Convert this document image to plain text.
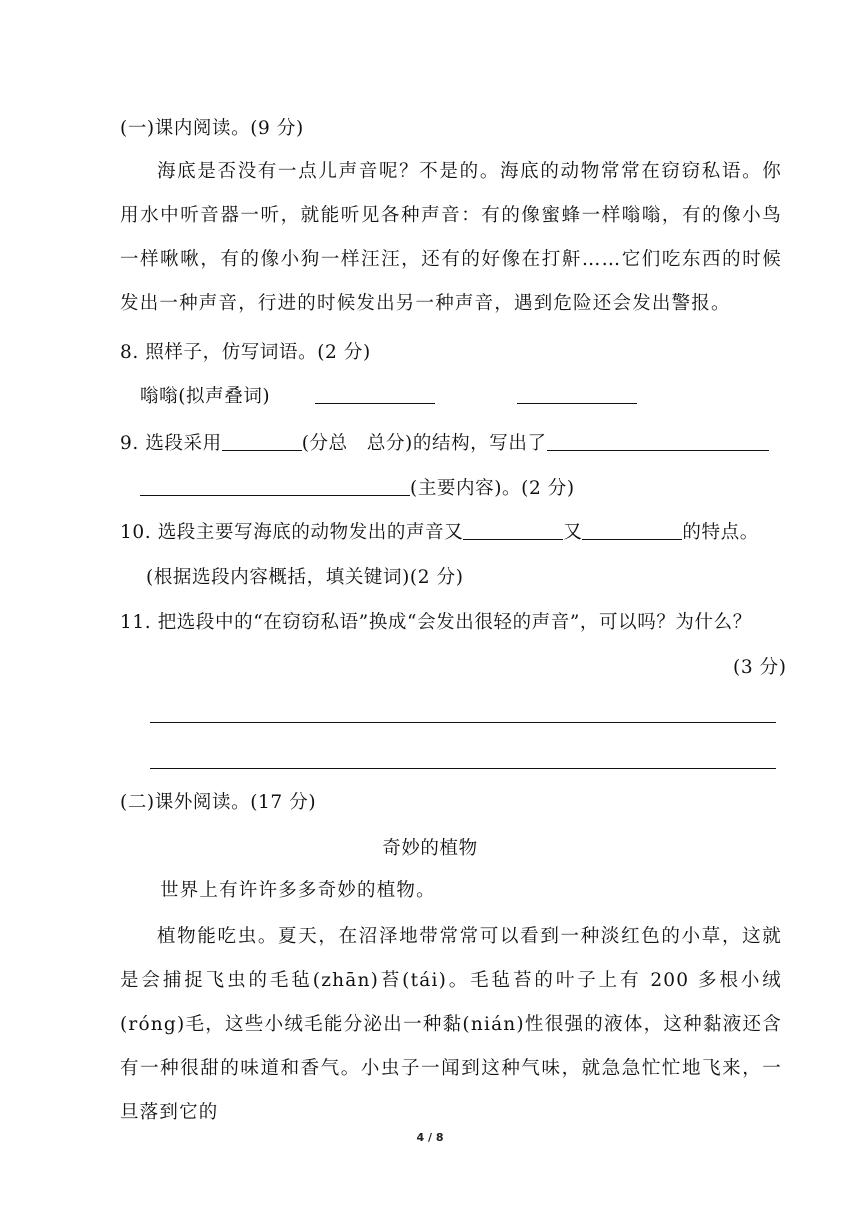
(一)课内阅读。(9 分)
海底是否没有一点儿声音呢？不是的。海底的动物常常在窃窃私语。你用水中听音器一听，就能听见各种声音：有的像蜜蜂一样嗡嗡，有的像小鸟一样啾啾，有的像小狗一样汪汪，还有的好像在打鼾……它们吃东西的时候发出一种声音，行进的时候发出另一种声音，遇到危险还会发出警报。
8. 照样子，仿写词语。(2 分)
嗡嗡(拟声叠词)
9. 选段采用	(分总　总分)的结构，写出了
(主要内容)。(2 分)
10. 选段主要写海底的动物发出的声音又	又	的特点。
(根据选段内容概括，填关键词)(2 分)
11. 把选段中的“在窃窃私语”换成“会发出很轻的声音”，可以吗？为什么？
(3 分)
(二)课外阅读。(17 分)
奇妙的植物
世界上有许许多多奇妙的植物。
植物能吃虫。夏天，在沼泽地带常常可以看到一种淡红色的小草，这就是会捕捉飞虫的毛毡(zhān)苔(tái)。毛毡苔的叶子上有 200 多根小绒(róng)毛，这些小绒毛能分泌出一种黏(nián)性很强的液体，这种黏液还含有一种很甜的味道和香气。小虫子一闻到这种气味，就急急忙忙地飞来，一旦落到它的
4 / 8
